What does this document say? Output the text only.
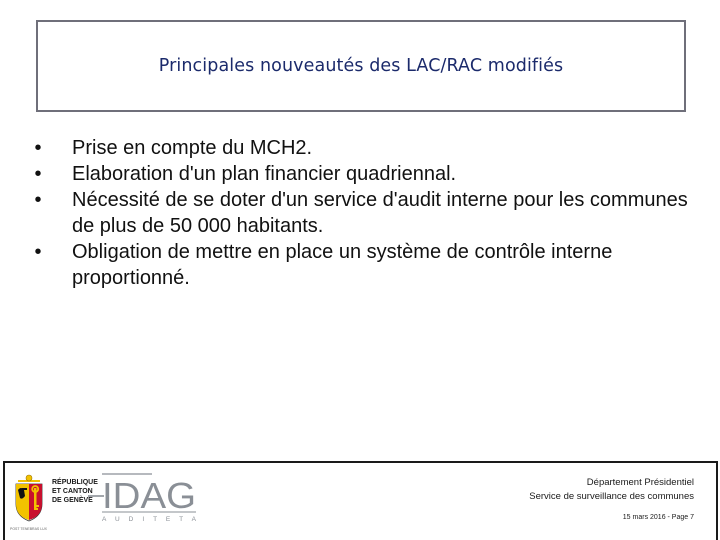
Principales nouveautés des LAC/RAC modifiés
•	Prise en compte du MCH2.
•	Elaboration d'un plan financier quadriennal.
•	Nécessité de se doter d'un service d'audit interne pour les communes de plus de 50 000 habitants.
•	Obligation de mettre en place un système de contrôle interne proportionné.
RÉPUBLIQUE
ET CANTON
DE GENÈVE
POST TENEBRAS LUX
IDAG
A U D I T E T A
Département Présidentiel
Service de surveillance des communes
15 mars 2016 - Page 7
